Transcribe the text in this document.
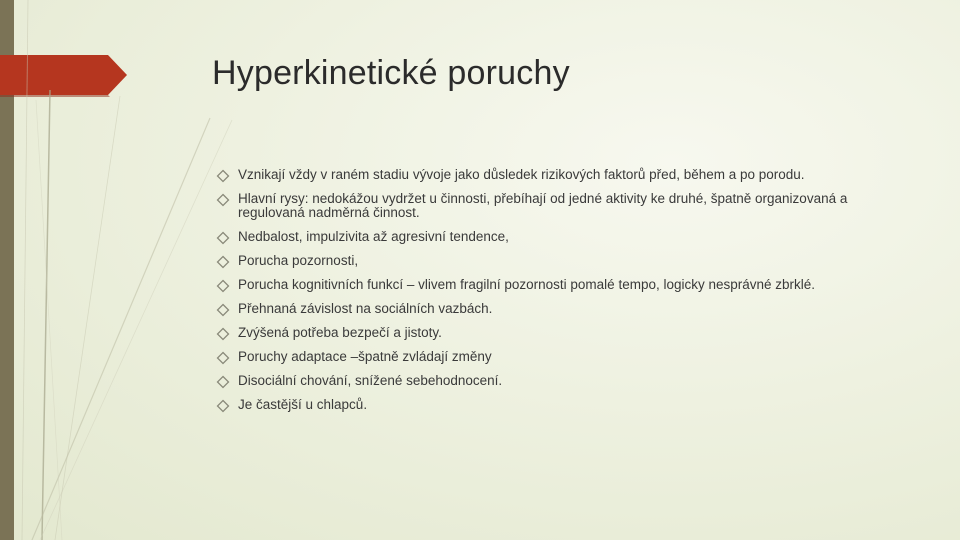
Hyperkinetické poruchy
Vznikají vždy v raném stadiu vývoje jako důsledek rizikových faktorů před, během a po porodu.
Hlavní rysy: nedokážou vydržet u činnosti, přebíhají od jedné aktivity ke druhé, špatně organizovaná a regulovaná nadměrná činnost.
Nedbalost, impulzivita až agresivní tendence,
Porucha pozornosti,
Porucha kognitivních funkcí – vlivem fragilní pozornosti pomalé tempo, logicky nesprávné zbrklé.
Přehnaná závislost na sociálních vazbách.
Zvýšená potřeba bezpečí a jistoty.
Poruchy adaptace –špatně zvládají změny
Disociální chování, snížené sebehodnocení.
Je častější u chlapců.
